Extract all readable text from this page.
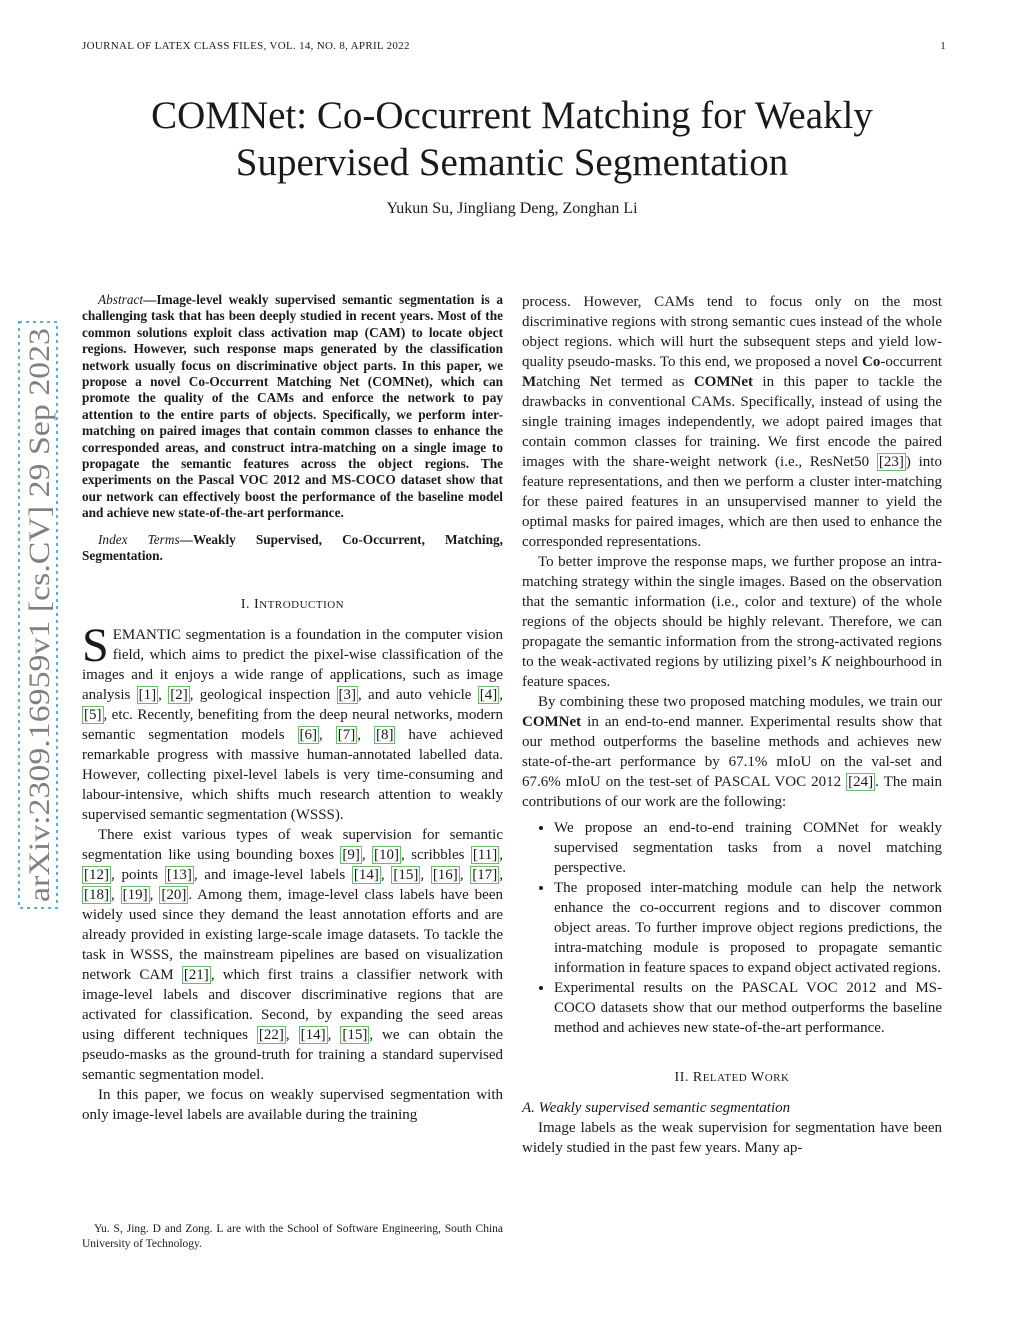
JOURNAL OF LATEX CLASS FILES, VOL. 14, NO. 8, APRIL 2022	1
arXiv:2309.16959v1 [cs.CV] 29 Sep 2023
COMNet: Co-Occurrent Matching for Weakly Supervised Semantic Segmentation
Yukun Su, Jingliang Deng, Zonghan Li

Abstract—Image-level weakly supervised semantic segmentation is a challenging task that has been deeply studied in recent years. Most of the common solutions exploit class activation map (CAM) to locate object regions. However, such response maps generated by the classification network usually focus on discriminative object parts. In this paper, we propose a novel Co-Occurrent Matching Net (COMNet), which can promote the quality of the CAMs and enforce the network to pay attention to the entire parts of objects. Specifically, we perform inter-matching on paired images that contain common classes to enhance the corresponded areas, and construct intra-matching on a single image to propagate the semantic features across the object regions. The experiments on the Pascal VOC 2012 and MS-COCO dataset show that our network can effectively boost the performance of the baseline model and achieve new state-of-the-art performance.

Index Terms—Weakly Supervised, Co-Occurrent, Matching, Segmentation.

I. INTRODUCTION

SEMANTIC segmentation is a foundation in the computer vision field, which aims to predict the pixel-wise classification of the images and it enjoys a wide range of applications, such as image analysis [1] , [2] , geological inspection [3] , and auto vehicle [4] , [5] , etc. Recently, benefiting from the deep neural networks, modern semantic segmentation models [6] , [7] , [8] have achieved remarkable progress with massive human-annotated labelled data. However, collecting pixel-level labels is very time-consuming and labour-intensive, which shifts much research attention to weakly supervised semantic segmentation (WSSS).

There exist various types of weak supervision for semantic segmentation like using bounding boxes [9] , [10] , scribbles [11] , [12] , points [13] , and image-level labels [14] , [15] , [16] , [17] , [18] , [19] , [20] . Among them, image-level class labels have been widely used since they demand the least annotation efforts and are already provided in existing large-scale image datasets. To tackle the task in WSSS, the mainstream pipelines are based on visualization network CAM [21] , which first trains a classifier network with image-level labels and discover discriminative regions that are activated for classification. Second, by expanding the seed areas using different techniques [22] , [14] , [15] , we can obtain the pseudo-masks as the ground-truth for training a standard supervised semantic segmentation model.

In this paper, we focus on weakly supervised segmentation with only image-level labels are available during the training

Yu. S, Jing. D and Zong. L are with the School of Software Engineering, South China University of Technology.

process. However, CAMs tend to focus only on the most discriminative regions with strong semantic cues instead of the whole object regions. which will hurt the subsequent steps and yield low-quality pseudo-masks. To this end, we proposed a novel Co-occurrent Matching Net termed as COMNet in this paper to tackle the drawbacks in conventional CAMs. Specifically, instead of using the single training images independently, we adopt paired images that contain common classes for training. We first encode the paired images with the share-weight network (i.e., ResNet50 [23] ) into feature representations, and then we perform a cluster inter-matching for these paired features in an unsupervised manner to yield the optimal masks for paired images, which are then used to enhance the corresponded representations.

To better improve the response maps, we further propose an intra-matching strategy within the single images. Based on the observation that the semantic information (i.e., color and texture) of the whole regions of the objects should be highly relevant. Therefore, we can propagate the semantic information from the strong-activated regions to the weak-activated regions by utilizing pixel’s K neighbourhood in feature spaces.

By combining these two proposed matching modules, we train our COMNet in an end-to-end manner. Experimental results show that our method outperforms the baseline methods and achieves new state-of-the-art performance by 67.1% mIoU on the val-set and 67.6% mIoU on the test-set of PASCAL VOC 2012 [24] . The main contributions of our work are the following:

• We propose an end-to-end training COMNet for weakly supervised segmentation tasks from a novel matching perspective.
• The proposed inter-matching module can help the network enhance the co-occurrent regions and to discover common object areas. To further improve object regions predictions, the intra-matching module is proposed to propagate semantic information in feature spaces to expand object activated regions.
• Experimental results on the PASCAL VOC 2012 and MS-COCO datasets show that our method outperforms the baseline method and achieves new state-of-the-art performance.
II. RELATED WORK

A. Weakly supervised semantic segmentation

Image labels as the weak supervision for segmentation have been widely studied in the past few years. Many ap-
